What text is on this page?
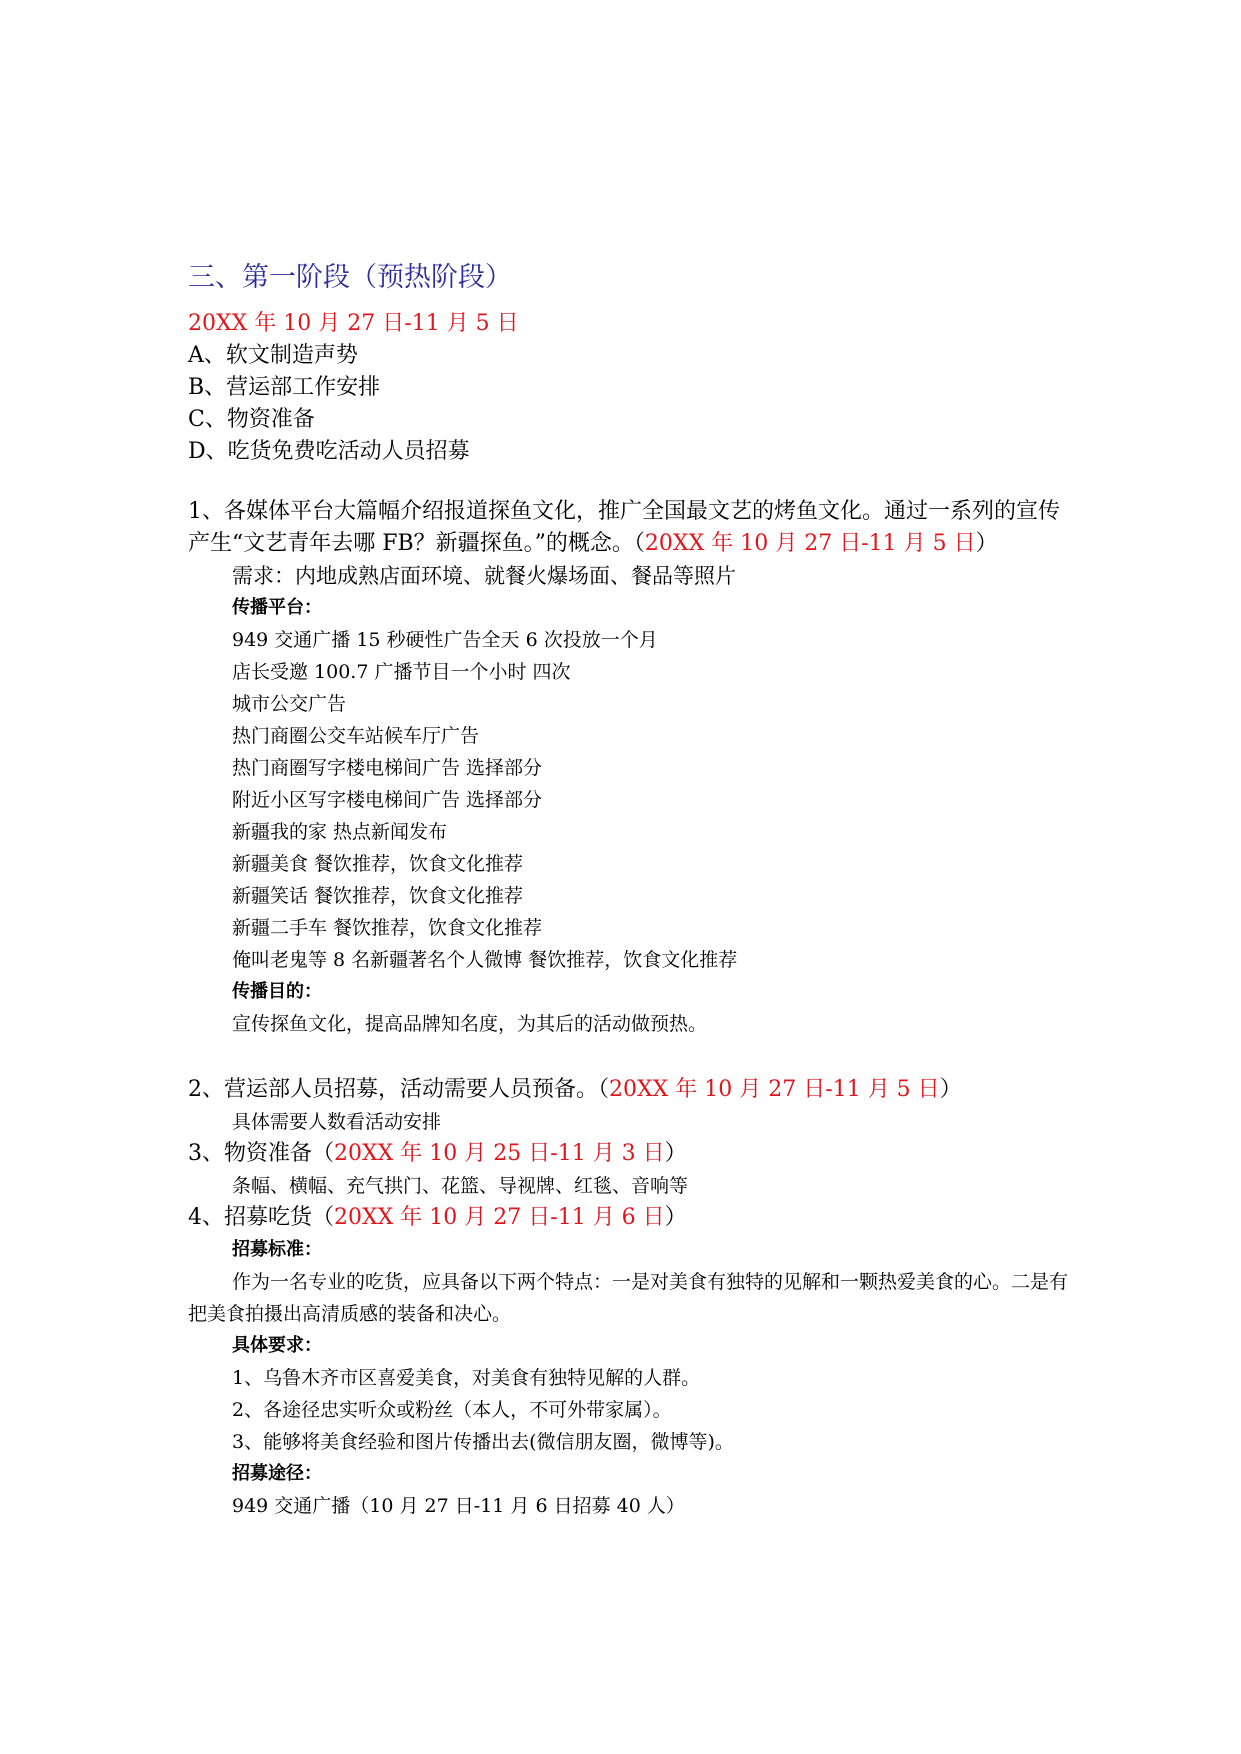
三、第一阶段（预热阶段）
20XX 年 10 月 27 日-11 月 5 日
A、软文制造声势
B、营运部工作安排
C、物资准备
D、吃货免费吃活动人员招募
1、各媒体平台大篇幅介绍报道探鱼文化，推广全国最文艺的烤鱼文化。通过一系列的宣传产生“文艺青年去哪 FB？新疆探鱼。”的概念。（20XX 年 10 月 27 日-11 月 5 日）
需求：内地成熟店面环境、就餐火爆场面、餐品等照片
传播平台：
949 交通广播 15 秒硬性广告全天 6 次投放一个月
店长受邀 100.7 广播节目一个小时 四次
城市公交广告
热门商圈公交车站候车厅广告
热门商圈写字楼电梯间广告 选择部分
附近小区写字楼电梯间广告 选择部分
新疆我的家 热点新闻发布
新疆美食 餐饮推荐，饮食文化推荐
新疆笑话 餐饮推荐，饮食文化推荐
新疆二手车 餐饮推荐，饮食文化推荐
俺叫老鬼等 8 名新疆著名个人微博 餐饮推荐，饮食文化推荐
传播目的：
宣传探鱼文化，提高品牌知名度，为其后的活动做预热。
2、营运部人员招募，活动需要人员预备。（20XX 年 10 月 27 日-11 月 5 日）
具体需要人数看活动安排
3、物资准备（20XX 年 10 月 25 日-11 月 3 日）
条幅、横幅、充气拱门、花篮、导视牌、红毯、音响等
4、招募吃货（20XX 年 10 月 27 日-11 月 6 日）
招募标准：
作为一名专业的吃货，应具备以下两个特点：一是对美食有独特的见解和一颗热爱美食的心。二是有把美食拍摄出高清质感的装备和决心。
具体要求：
1、乌鲁木齐市区喜爱美食，对美食有独特见解的人群。
2、各途径忠实听众或粉丝（本人，不可外带家属）。
3、能够将美食经验和图片传播出去(微信朋友圈，微博等)。
招募途径：
949 交通广播（10 月 27 日-11 月 6 日招募 40 人）
